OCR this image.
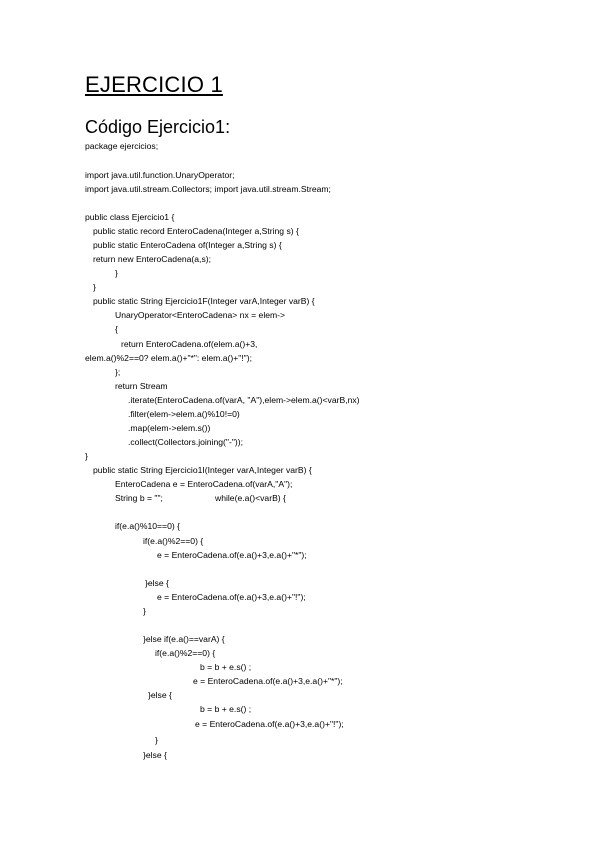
EJERCICIO 1
Código Ejercicio1:
package ejercicios;
import java.util.function.UnaryOperator;
import java.util.stream.Collectors; import java.util.stream.Stream;
public class Ejercicio1 {
public static record EnteroCadena(Integer a,String s) {
public static EnteroCadena of(Integer a,String s) {
return new EnteroCadena(a,s);
}
}
public static String Ejercicio1F(Integer varA,Integer varB) {
UnaryOperator<EnteroCadena> nx = elem->
{
return EnteroCadena.of(elem.a()+3,
elem.a()%2==0? elem.a()+"*": elem.a()+"!");
};
return Stream
.iterate(EnteroCadena.of(varA, "A"),elem->elem.a()<varB,nx)
.filter(elem->elem.a()%10!=0)
.map(elem->elem.s())
.collect(Collectors.joining("-"));
}
public static String Ejercicio1I(Integer varA,Integer varB) {
EnteroCadena e = EnteroCadena.of(varA,"A");
String b = "";	while(e.a()<varB) {
if(e.a()%10==0) {
if(e.a()%2==0) {
e = EnteroCadena.of(e.a()+3,e.a()+"*");
}else {
e = EnteroCadena.of(e.a()+3,e.a()+"!");
}
}else if(e.a()==varA) {
if(e.a()%2==0) {
b = b + e.s() ;
e = EnteroCadena.of(e.a()+3,e.a()+"*");
}else {
b = b + e.s() ;
e = EnteroCadena.of(e.a()+3,e.a()+"!");
}
}else {
